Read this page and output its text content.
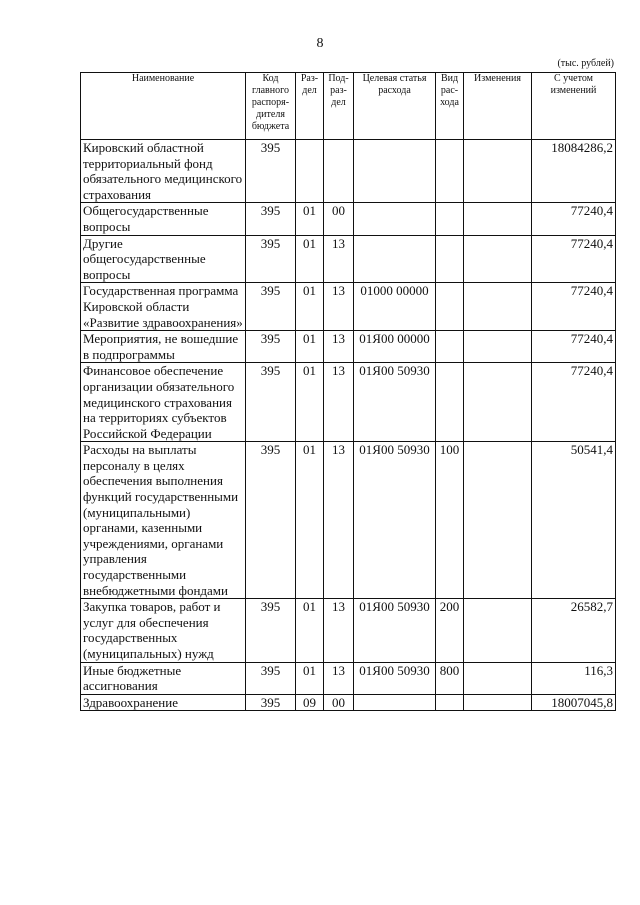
8
(тыс. рублей)
Наименование	Код главного распоря-дителя бюджета	Раз-дел	Под-раз-дел	Целевая статья расхода	Вид рас-хода	Изменения	С учетом изменений
Кировский областной территориальный фонд обязательного медицинского страхования	395						18084286,2
Общегосударственные вопросы	395	01	00				77240,4
Другие общегосударственные вопросы	395	01	13				77240,4
Государственная программа Кировской области «Развитие здравоохранения»	395	01	13	01000 00000			77240,4
Мероприятия, не вошедшие в подпрограммы	395	01	13	01Я00 00000			77240,4
Финансовое обеспечение организации обязательного медицинского страхования на территориях субъектов Российской Федерации	395	01	13	01Я00 50930			77240,4
Расходы на выплаты персоналу в целях обеспечения выполнения функций государственными (муниципальными) органами, казенными учреждениями, органами управления государственными внебюджетными фондами	395	01	13	01Я00 50930	100		50541,4
Закупка товаров, работ и услуг для обеспечения государственных (муниципальных) нужд	395	01	13	01Я00 50930	200		26582,7
Иные бюджетные ассигнования	395	01	13	01Я00 50930	800		116,3
Здравоохранение	395	09	00				18007045,8
